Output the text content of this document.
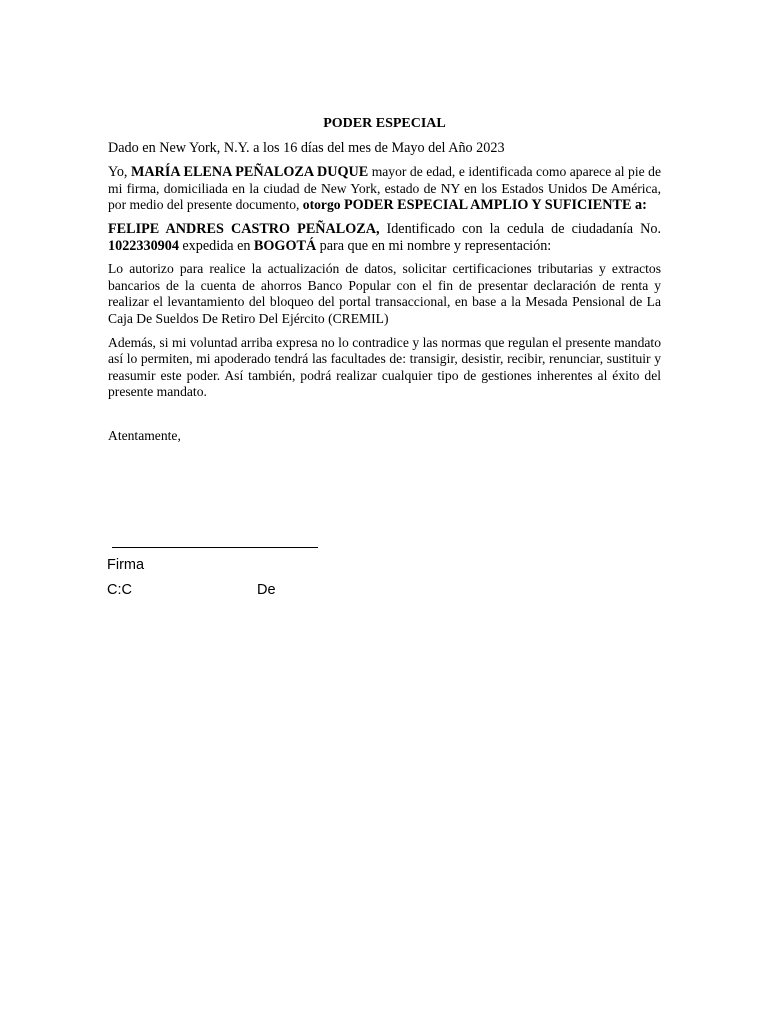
PODER ESPECIAL
Dado en New York, N.Y. a los 16 días del mes de Mayo del Año 2023
Yo, MARÍA ELENA PEÑALOZA DUQUE mayor de edad, e identificada como aparece al pie de mi firma, domiciliada en la ciudad de New York, estado de NY en los Estados Unidos De América, por medio del presente documento, otorgo PODER ESPECIAL AMPLIO Y SUFICIENTE a:
FELIPE ANDRES CASTRO PEÑALOZA, Identificado con la cedula de ciudadanía No. 1022330904 expedida en BOGOTÁ para que en mi nombre y representación:
Lo autorizo para realice la actualización de datos, solicitar certificaciones tributarias y extractos bancarios de la cuenta de ahorros Banco Popular con el fin de presentar declaración de renta y realizar el levantamiento del bloqueo del portal transaccional, en base a la Mesada Pensional de La Caja De Sueldos De Retiro Del Ejército (CREMIL)
Además, si mi voluntad arriba expresa no lo contradice y las normas que regulan el presente mandato así lo permiten, mi apoderado tendrá las facultades de: transigir, desistir, recibir, renunciar, sustituir y reasumir este poder. Así también, podrá realizar cualquier tipo de gestiones inherentes al éxito del presente mandato.
Atentamente,
Firma
C:C	De
